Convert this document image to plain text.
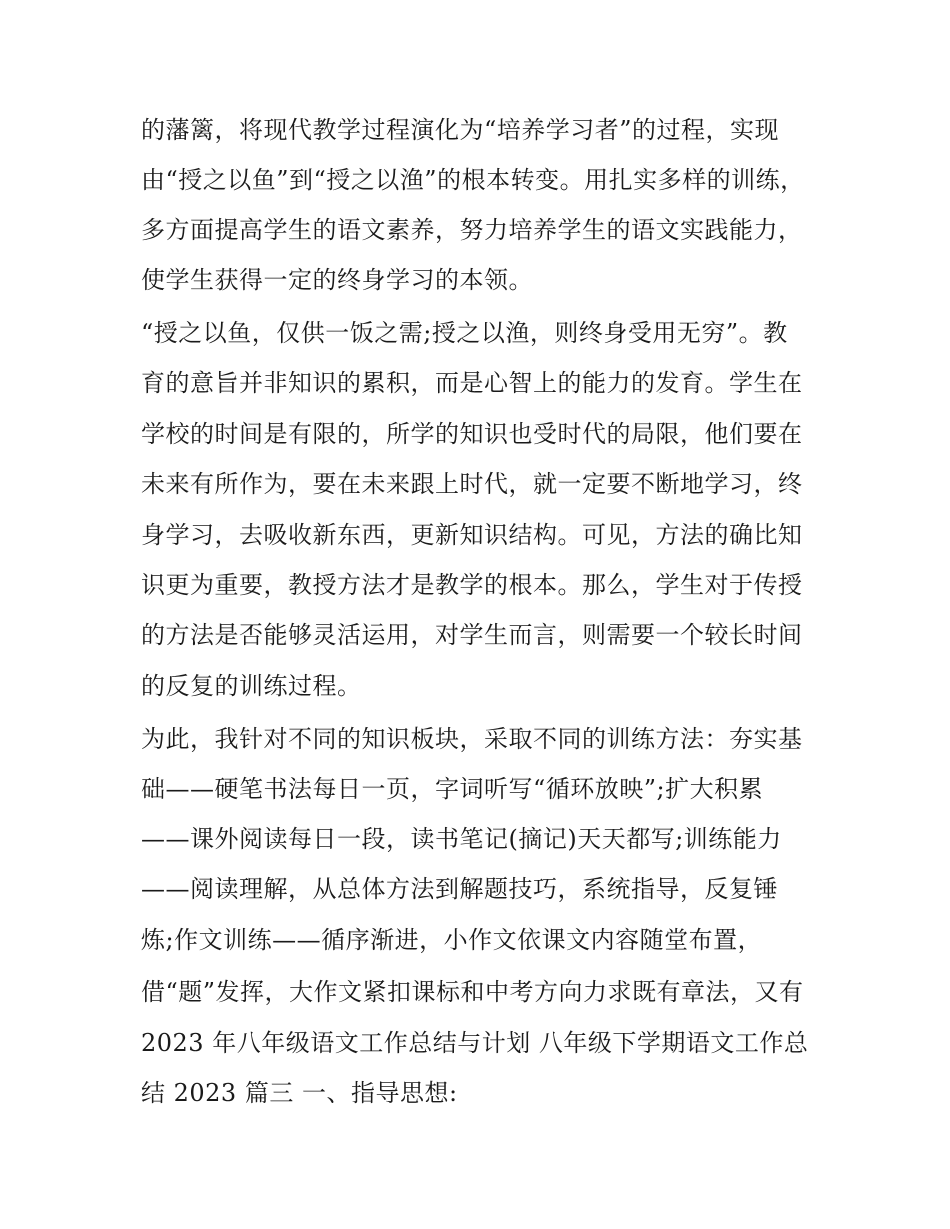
的藩篱，将现代教学过程演化为“培养学习者”的过程，实现
由“授之以鱼”到“授之以渔”的根本转变。用扎实多样的训练，
多方面提高学生的语文素养，努力培养学生的语文实践能力，
使学生获得一定的终身学习的本领。
“授之以鱼，仅供一饭之需;授之以渔，则终身受用无穷”。教
育的意旨并非知识的累积，而是心智上的能力的发育。学生在
学校的时间是有限的，所学的知识也受时代的局限，他们要在
未来有所作为，要在未来跟上时代，就一定要不断地学习，终
身学习，去吸收新东西，更新知识结构。可见，方法的确比知
识更为重要，教授方法才是教学的根本。那么，学生对于传授
的方法是否能够灵活运用，对学生而言，则需要一个较长时间
的反复的训练过程。
为此，我针对不同的知识板块，采取不同的训练方法：夯实基
础——硬笔书法每日一页，字词听写“循环放映”;扩大积累
——课外阅读每日一段，读书笔记(摘记)天天都写;训练能力
——阅读理解，从总体方法到解题技巧，系统指导，反复锤
炼;作文训练——循序渐进，小作文依课文内容随堂布置，
借“题”发挥，大作文紧扣课标和中考方向力求既有章法，又有
2023 年八年级语文工作总结与计划 八年级下学期语文工作总
结 2023 篇三 一、指导思想:
